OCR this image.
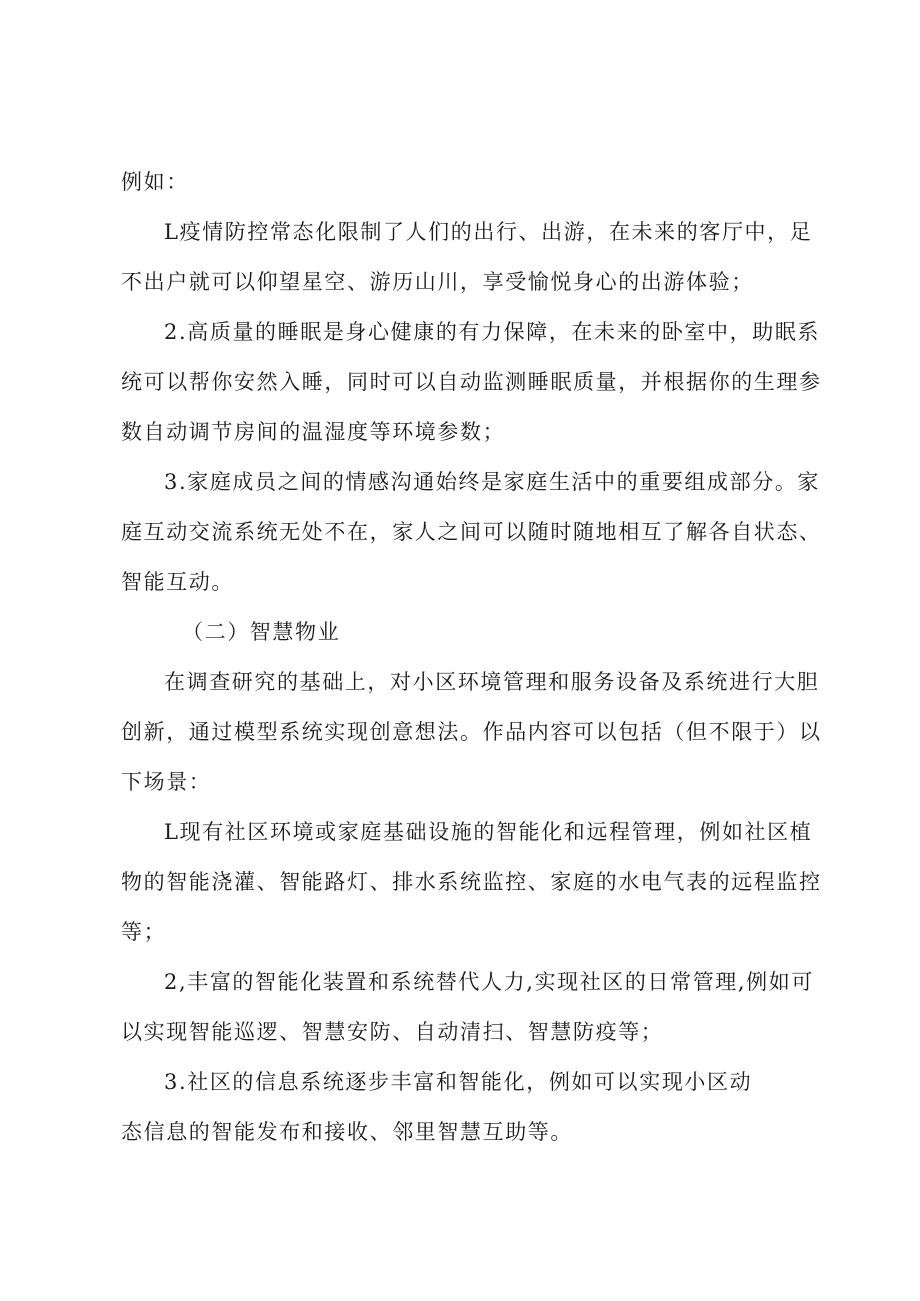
例如：
L疫情防控常态化限制了人们的出行、出游，在未来的客厅中，足
不出户就可以仰望星空、游历山川，享受愉悦身心的出游体验；
2.高质量的睡眠是身心健康的有力保障，在未来的卧室中，助眠系
统可以帮你安然入睡，同时可以自动监测睡眠质量，并根据你的生理参
数自动调节房间的温湿度等环境参数；
3.家庭成员之间的情感沟通始终是家庭生活中的重要组成部分。家
庭互动交流系统无处不在，家人之间可以随时随地相互了解各自状态、
智能互动。
（二）智慧物业
在调查研究的基础上，对小区环境管理和服务设备及系统进行大胆
创新，通过模型系统实现创意想法。作品内容可以包括（但不限于）以
下场景：
L现有社区环境或家庭基础设施的智能化和远程管理，例如社区植
物的智能浇灌、智能路灯、排水系统监控、家庭的水电气表的远程监控
等；
2,丰富的智能化装置和系统替代人力,实现社区的日常管理,例如可
以实现智能巡逻、智慧安防、自动清扫、智慧防疫等；
3.社区的信息系统逐步丰富和智能化，例如可以实现小区动
态信息的智能发布和接收、邻里智慧互助等。
